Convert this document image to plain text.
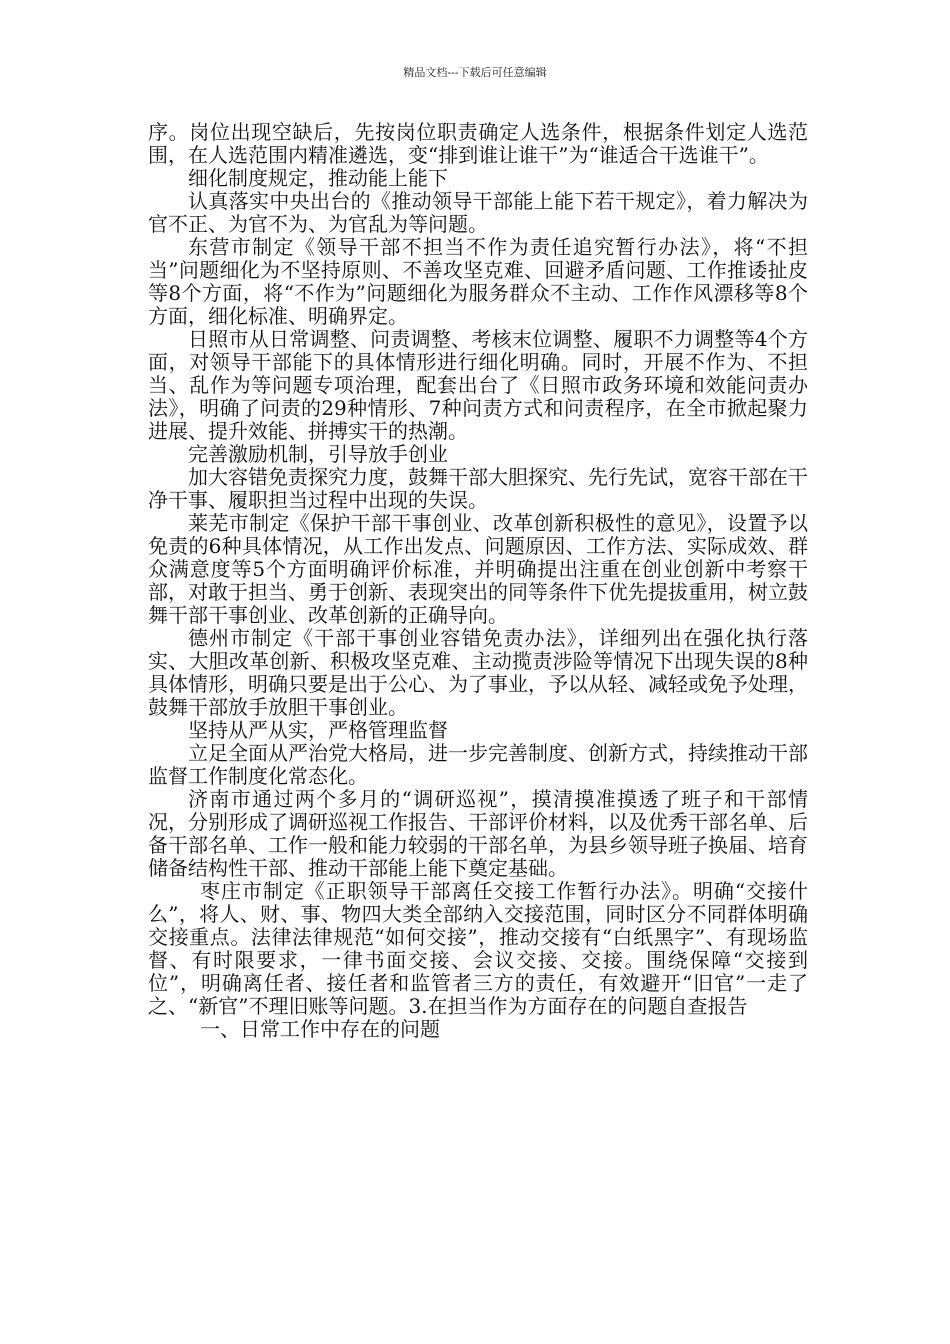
精品文档---下载后可任意编辑

序。岗位出现空缺后，先按岗位职责确定人选条件，根据条件划定人选范围，在人选范围内精准遴选，变“排到谁让谁干”为“谁适合干选谁干”。

细化制度规定，推动能上能下

认真落实中央出台的《推动领导干部能上能下若干规定》，着力解决为官不正、为官不为、为官乱为等问题。

东营市制定《领导干部不担当不作为责任追究暂行办法》，将“不担当”问题细化为不坚持原则、不善攻坚克难、回避矛盾问题、工作推诿扯皮等8个方面，将“不作为”问题细化为服务群众不主动、工作作风漂移等8个方面，细化标准、明确界定。

日照市从日常调整、问责调整、考核末位调整、履职不力调整等4个方面，对领导干部能下的具体情形进行细化明确。同时，开展不作为、不担当、乱作为等问题专项治理，配套出台了《日照市政务环境和效能问责办法》，明确了问责的29种情形、7种问责方式和问责程序，在全市掀起聚力进展、提升效能、拼搏实干的热潮。

完善激励机制，引导放手创业

加大容错免责探究力度，鼓舞干部大胆探究、先行先试，宽容干部在干净干事、履职担当过程中出现的失误。

莱芜市制定《保护干部干事创业、改革创新积极性的意见》，设置予以免责的6种具体情况，从工作出发点、问题原因、工作方法、实际成效、群众满意度等5个方面明确评价标准，并明确提出注重在创业创新中考察干部，对敢于担当、勇于创新、表现突出的同等条件下优先提拔重用，树立鼓舞干部干事创业、改革创新的正确导向。

德州市制定《干部干事创业容错免责办法》，详细列出在强化执行落实、大胆改革创新、积极攻坚克难、主动揽责涉险等情况下出现失误的8种具体情形，明确只要是出于公心、为了事业，予以从轻、减轻或免予处理，鼓舞干部放手放胆干事创业。

坚持从严从实，严格管理监督

立足全面从严治党大格局，进一步完善制度、创新方式，持续推动干部监督工作制度化常态化。

济南市通过两个多月的“调研巡视”，摸清摸准摸透了班子和干部情况，分别形成了调研巡视工作报告、干部评价材料，以及优秀干部名单、后备干部名单、工作一般和能力较弱的干部名单，为县乡领导班子换届、培育储备结构性干部、推动干部能上能下奠定基础。

枣庄市制定《正职领导干部离任交接工作暂行办法》。明确“交接什么”，将人、财、事、物四大类全部纳入交接范围，同时区分不同群体明确交接重点。法律法律规范“如何交接”，推动交接有“白纸黑字”、有现场监督、有时限要求，一律书面交接、会议交接、交接。围绕保障“交接到位”，明确离任者、接任者和监管者三方的责任，有效避开“旧官”一走了之、“新官”不理旧账等问题。3.在担当作为方面存在的问题自查报告

一、日常工作中存在的问题
